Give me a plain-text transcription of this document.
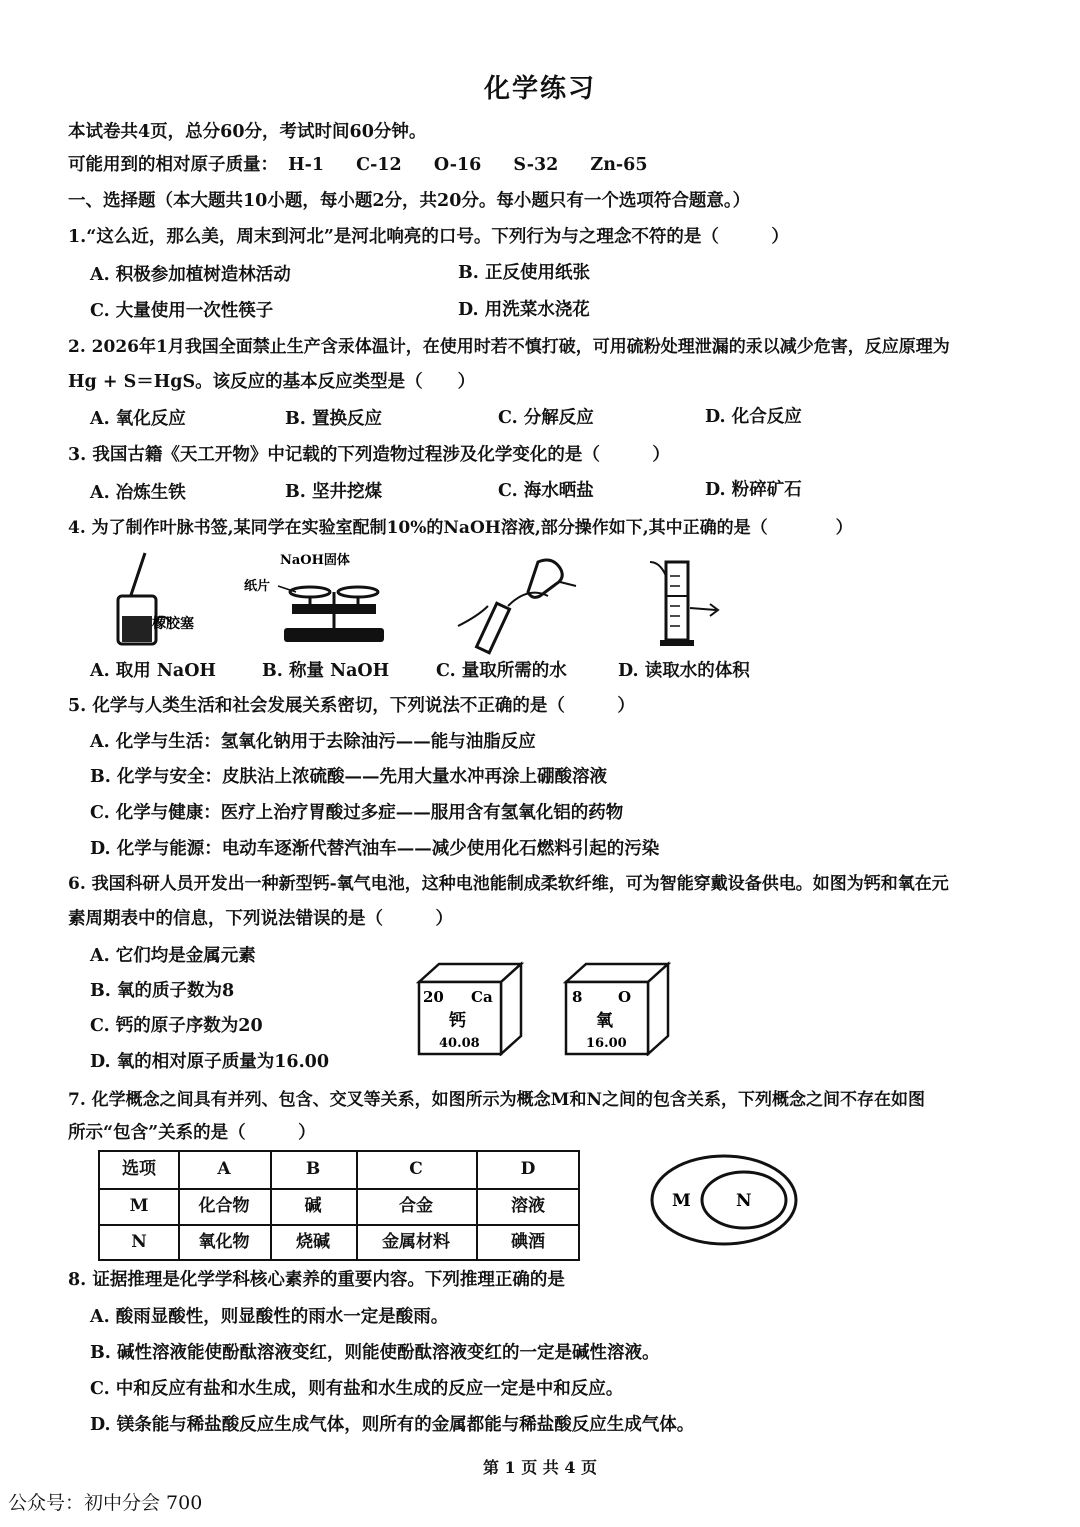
化学练习
本试卷共4页，总分60分，考试时间60分钟。
可能用到的相对原子质量： H-1 C-12 O-16 S-32 Zn-65
一、选择题（本大题共10小题，每小题2分，共20分。每小题只有一个选项符合题意。）
1.“这么近，那么美，周末到河北”是河北响亮的口号。下列行为与之理念不符的是（　　　）
A. 积极参加植树造林活动	B. 正反使用纸张
C. 大量使用一次性筷子	D. 用洗菜水浇花
2. 2026年1月我国全面禁止生产含汞体温计，在使用时若不慎打破，可用硫粉处理泄漏的汞以减少危害，反应原理为
Hg + S＝HgS。该反应的基本反应类型是（　　）
A. 氧化反应	B. 置换反应	C. 分解反应	D. 化合反应
3. 我国古籍《天工开物》中记载的下列造物过程涉及化学变化的是（　　　）
A. 冶炼生铁	B. 坚井挖煤	C. 海水晒盐	D. 粉碎矿石
4. 为了制作叶脉书签,某同学在实验室配制10%的NaOH溶液,部分操作如下,其中正确的是（　　　　）
橡胶塞
NaOH固体
纸片
A. 取用 NaOH	B. 称量 NaOH	C. 量取所需的水	D. 读取水的体积
5. 化学与人类生活和社会发展关系密切，下列说法不正确的是（　　　）
A. 化学与生活：氢氧化钠用于去除油污——能与油脂反应
B. 化学与安全：皮肤沾上浓硫酸——先用大量水冲再涂上硼酸溶液
C. 化学与健康：医疗上治疗胃酸过多症——服用含有氢氧化铝的药物
D. 化学与能源：电动车逐渐代替汽油车——减少使用化石燃料引起的污染
6. 我国科研人员开发出一种新型钙-氧气电池，这种电池能制成柔软纤维，可为智能穿戴设备供电。如图为钙和氧在元
素周期表中的信息，下列说法错误的是（　　　）
A. 它们均是金属元素
B. 氧的质子数为8
C. 钙的原子序数为20
D. 氧的相对原子质量为16.00
20 Ca
钙
40.08
8 O
氧
16.00
7. 化学概念之间具有并列、包含、交叉等关系，如图所示为概念M和N之间的包含关系，下列概念之间不存在如图
所示“包含”关系的是（　　　）
选项	A	B	C	D
M	化合物	碱	合金	溶液
N	氧化物	烧碱	金属材料	碘酒
M	N
8. 证据推理是化学学科核心素养的重要内容。下列推理正确的是
A. 酸雨显酸性，则显酸性的雨水一定是酸雨。
B. 碱性溶液能使酚酞溶液变红，则能使酚酞溶液变红的一定是碱性溶液。
C. 中和反应有盐和水生成，则有盐和水生成的反应一定是中和反应。
D. 镁条能与稀盐酸反应生成气体，则所有的金属都能与稀盐酸反应生成气体。
第 1 页 共 4 页
公众号：初中分会 700
